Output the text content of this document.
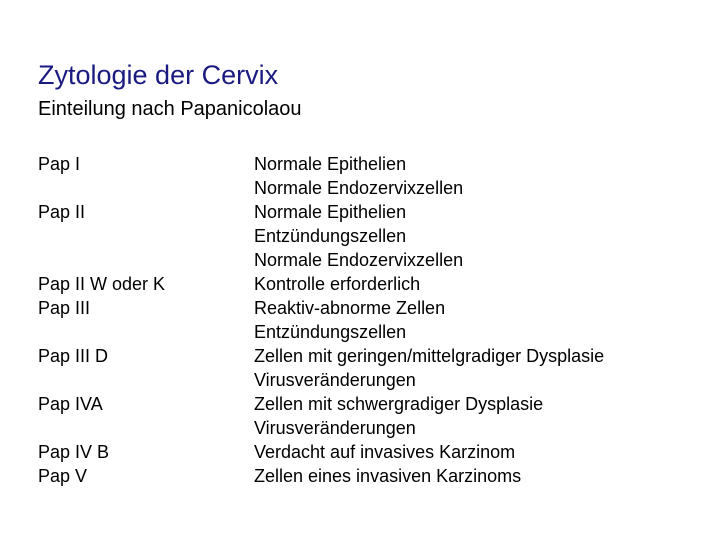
Zytologie der Cervix
Einteilung nach Papanicolaou
Pap I	Normale Epithelien
Normale Endozervixzellen
Pap II	Normale Epithelien
Entzündungszellen
Normale Endozervixzellen
Pap II W oder K	Kontrolle erforderlich
Pap III	Reaktiv-abnorme Zellen
Entzündungszellen
Pap III D	Zellen mit geringen/mittelgradiger Dysplasie
Virusveränderungen
Pap IVA	Zellen mit schwergradiger Dysplasie
Virusveränderungen
Pap IV B	Verdacht auf invasives Karzinom
Pap V	Zellen eines invasiven Karzinoms
